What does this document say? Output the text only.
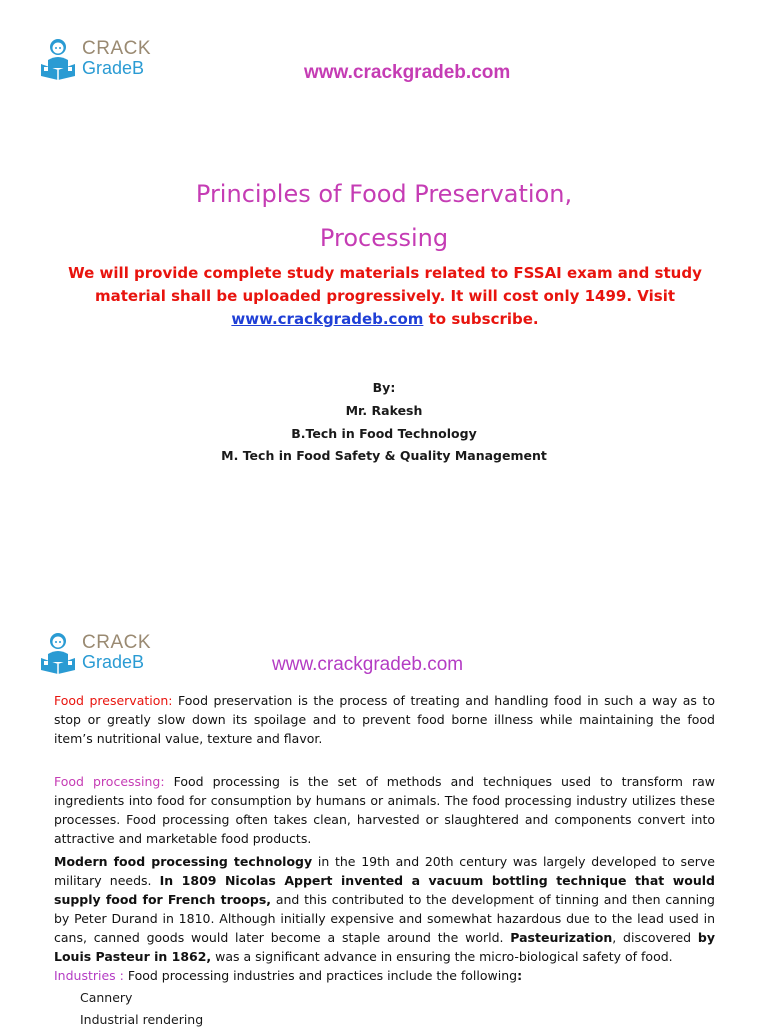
CRACK
GradeB	www.crackgradeb.com
Principles of Food Preservation,
Processing
We will provide complete study materials related to FSSAI exam and study material shall be uploaded progressively. It will cost only 1499. Visit www.crackgradeb.com to subscribe.
By:
Mr. Rakesh
B.Tech in Food Technology
M. Tech in Food Safety & Quality Management
CRACK
GradeB	www.crackgradeb.com

Food preservation: Food preservation is the process of treating and handling food in such a way as to stop or greatly slow down its spoilage and to prevent food borne illness while maintaining the food item’s nutritional value, texture and flavor.

Food processing: Food processing is the set of methods and techniques used to transform raw ingredients into food for consumption by humans or animals. The food processing industry utilizes these processes. Food processing often takes clean, harvested or slaughtered and components convert into attractive and marketable food products.

Modern food processing technology in the 19th and 20th century was largely developed to serve military needs. In 1809 Nicolas Appert invented a vacuum bottling technique that would supply food for French troops, and this contributed to the development of tinning and then canning by Peter Durand in 1810. Although initially expensive and somewhat hazardous due to the lead used in cans, canned goods would later become a staple around the world. Pasteurization, discovered by Louis Pasteur in 1862, was a significant advance in ensuring the micro-biological safety of food.

Industries : Food processing industries and practices include the following:

Cannery
Industrial rendering
